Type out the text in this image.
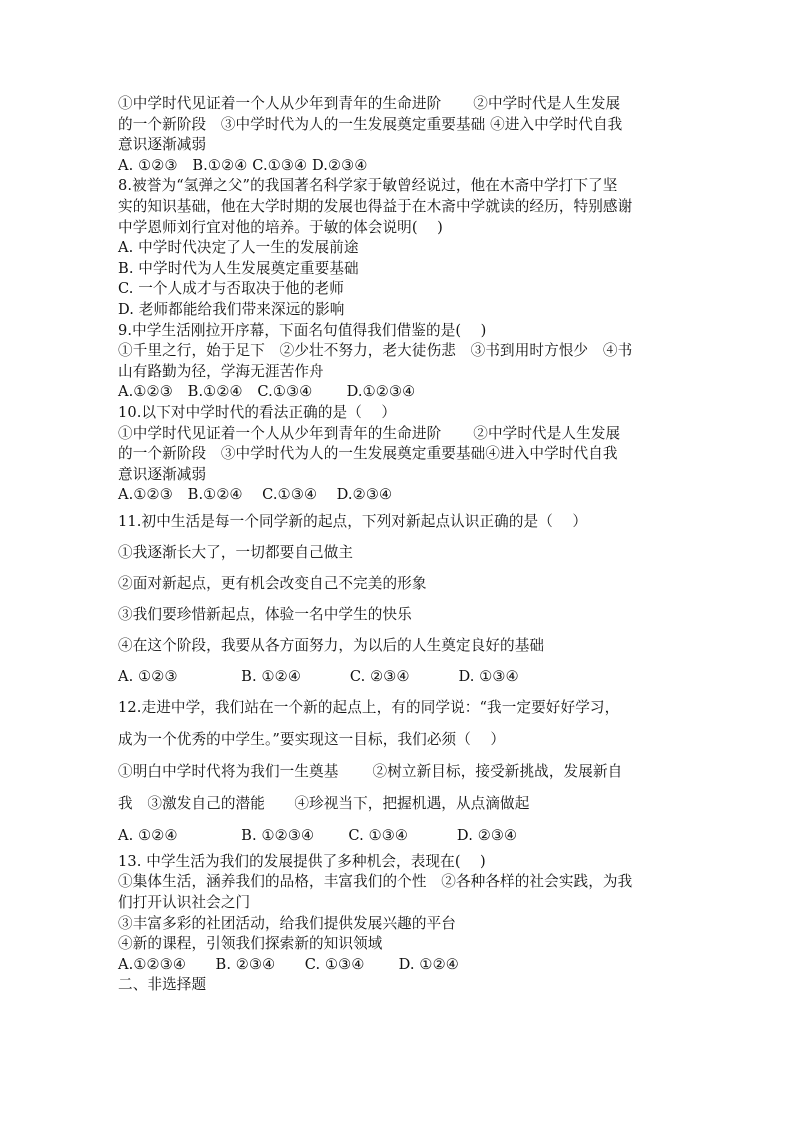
①中学时代见证着一个人从少年到青年的生命进阶 ②中学时代是人生发展
的一个新阶段　③中学时代为人的一生发展奠定重要基础 ④进入中学时代自我
意识逐渐减弱
A. ①②③　B.①②④ C.①③④ D.②③④
8.被誉为“氢弹之父”的我国著名科学家于敏曾经说过，他在木斋中学打下了坚
实的知识基础，他在大学时期的发展也得益于在木斋中学就读的经历，特别感谢
中学恩师刘行宜对他的培养。于敏的体会说明(　 )
A. 中学时代决定了人一生的发展前途
B. 中学时代为人生发展奠定重要基础
C. 一个人成才与否取决于他的老师
D. 老师都能给我们带来深远的影响
9.中学生活刚拉开序幕，下面名句值得我们借鉴的是(　 )
①千里之行，始于足下　②少壮不努力，老大徒伤悲　③书到用时方恨少　④书
山有路勤为径，学海无涯苦作舟
A.①②③　B.①②④　C.①③④　　 D.①②③④
10.以下对中学时代的看法正确的是（　 ）
①中学时代见证着一个人从少年到青年的生命进阶 ②中学时代是人生发展
的一个新阶段　③中学时代为人的一生发展奠定重要基础④进入中学时代自我
意识逐渐减弱
A.①②③　B.①②④　 C.①③④　 D.②③④
11.初中生活是每一个同学新的起点，下列对新起点认识正确的是（　 ）
①我逐渐长大了，一切都要自己做主
②面对新起点，更有机会改变自己不完美的形象
③我们要珍惜新起点，体验一名中学生的快乐
④在这个阶段，我要从各方面努力，为以后的人生奠定良好的基础
A. ①②③　　　　 B. ①②④　　　 C. ②③④　　　 D. ①③④
12.走进中学，我们站在一个新的起点上，有的同学说：“我一定要好好学习，
成为一个优秀的中学生。”要实现这一目标，我们必须（　 ）
①明白中学时代将为我们一生奠基　　 ②树立新目标，接受新挑战，发展新自
我　③激发自己的潜能　　④珍视当下，把握机遇，从点滴做起
A. ①②④　　　　 B. ①②③④　　 C. ①③④　　　 D. ②③④
13. 中学生活为我们的发展提供了多种机会，表现在(　 )
①集体生活，涵养我们的品格，丰富我们的个性　②各种各样的社会实践，为我
们打开认识社会之门
③丰富多彩的社团活动，给我们提供发展兴趣的平台
④新的课程，引领我们探索新的知识领域
A.①②③④　　B. ②③④　　C. ①③④　　 D. ①②④
二、非选择题
